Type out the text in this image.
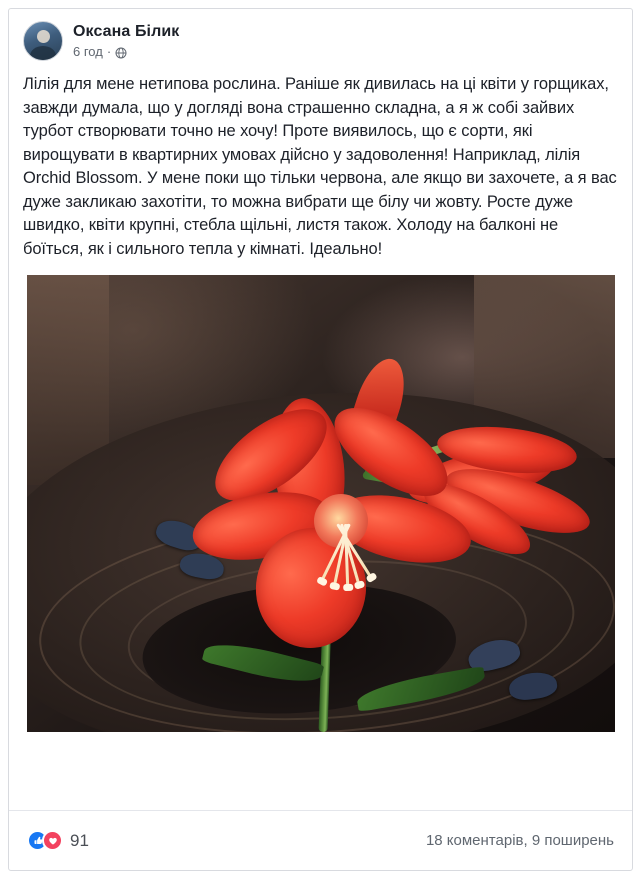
Оксана Білик
6 год ·
Лілія для мене нетипова рослина. Раніше як дивилась на ці квіти у горщиках, завжди думала, що у догляді вона страшенно складна, а я ж собі зайвих турбот створювати точно не хочу! Проте виявилось, що є сорти, які вирощувати в квартирних умовах дійсно у задоволення! Наприклад, лілія Orchid Blossom. У мене поки що тільки червона, але якщо ви захочете, а я вас дуже закликаю захотіти, то можна вибрати ще білу чи жовту. Росте дуже швидко, квіти крупні, стебла щільні, листя також. Холоду на балконі не боїться, як і сильного тепла у кімнаті. Ідеально!
91	18 коментарів, 9 поширень
